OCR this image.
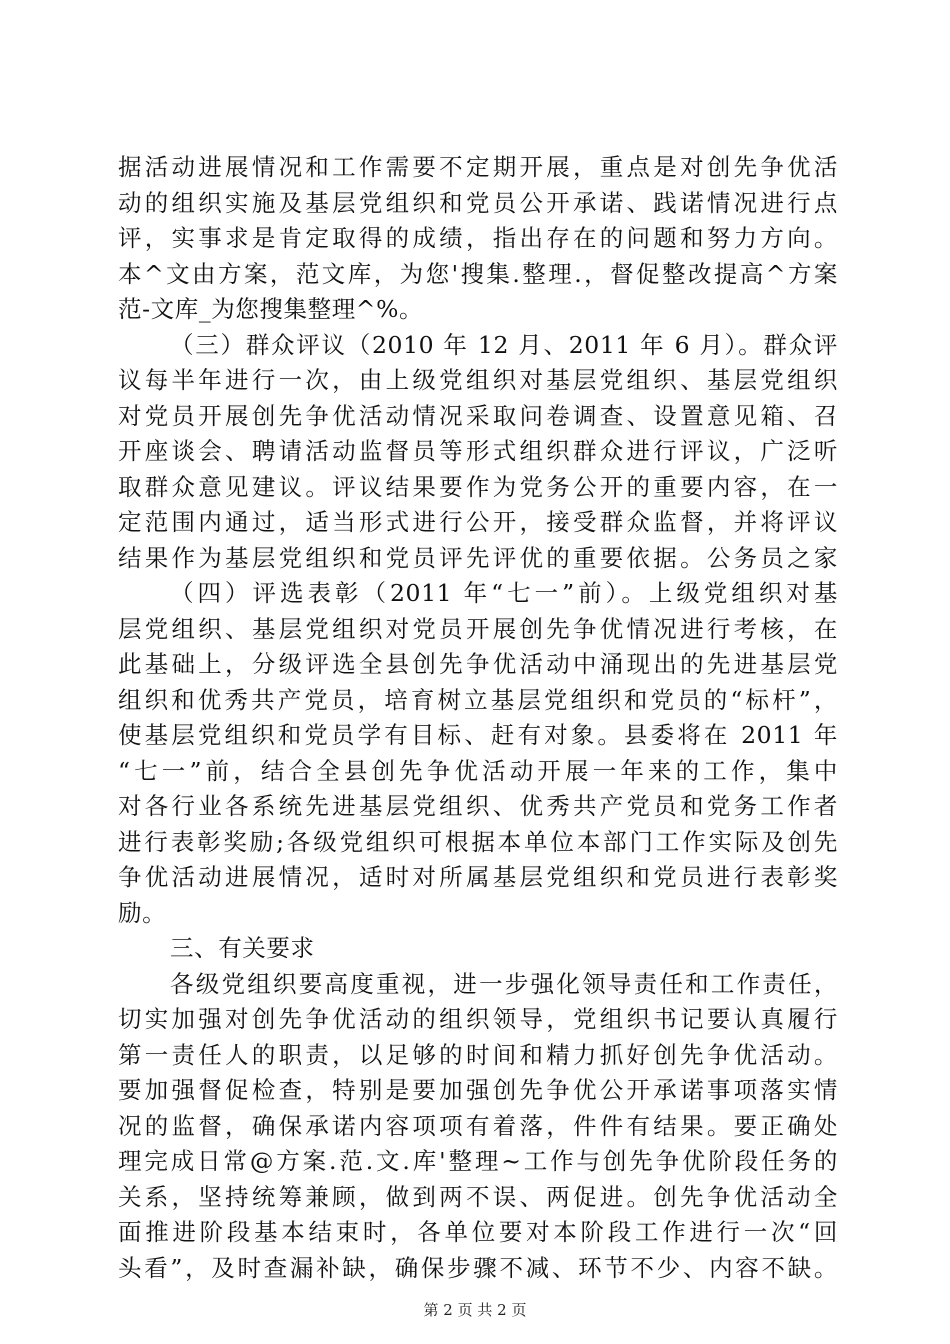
据活动进展情况和工作需要不定期开展，重点是对创先争优活
动的组织实施及基层党组织和党员公开承诺、践诺情况进行点
评，实事求是肯定取得的成绩，指出存在的问题和努力方向。
本^文由方案，范文库，为您'搜集.整理.，督促整改提高^方案
范-文库_为您搜集整理^%。
（三）群众评议（2010 年 12 月、2011 年 6 月）。群众评
议每半年进行一次，由上级党组织对基层党组织、基层党组织
对党员开展创先争优活动情况采取问卷调查、设置意见箱、召
开座谈会、聘请活动监督员等形式组织群众进行评议，广泛听
取群众意见建议。评议结果要作为党务公开的重要内容，在一
定范围内通过，适当形式进行公开，接受群众监督，并将评议
结果作为基层党组织和党员评先评优的重要依据。公务员之家
（四）评选表彰（2011 年“七一”前）。上级党组织对基
层党组织、基层党组织对党员开展创先争优情况进行考核，在
此基础上，分级评选全县创先争优活动中涌现出的先进基层党
组织和优秀共产党员，培育树立基层党组织和党员的“标杆”，
使基层党组织和党员学有目标、赶有对象。县委将在 2011 年
“七一”前，结合全县创先争优活动开展一年来的工作，集中
对各行业各系统先进基层党组织、优秀共产党员和党务工作者
进行表彰奖励;各级党组织可根据本单位本部门工作实际及创先
争优活动进展情况，适时对所属基层党组织和党员进行表彰奖
励。
三、有关要求
各级党组织要高度重视，进一步强化领导责任和工作责任，
切实加强对创先争优活动的组织领导，党组织书记要认真履行
第一责任人的职责，以足够的时间和精力抓好创先争优活动。
要加强督促检查，特别是要加强创先争优公开承诺事项落实情
况的监督，确保承诺内容项项有着落，件件有结果。要正确处
理完成日常@方案.范.文.库'整理~工作与创先争优阶段任务的
关系，坚持统筹兼顾，做到两不误、两促进。创先争优活动全
面推进阶段基本结束时，各单位要对本阶段工作进行一次“回
头看”，及时查漏补缺，确保步骤不减、环节不少、内容不缺。
第 2 页 共 2 页
